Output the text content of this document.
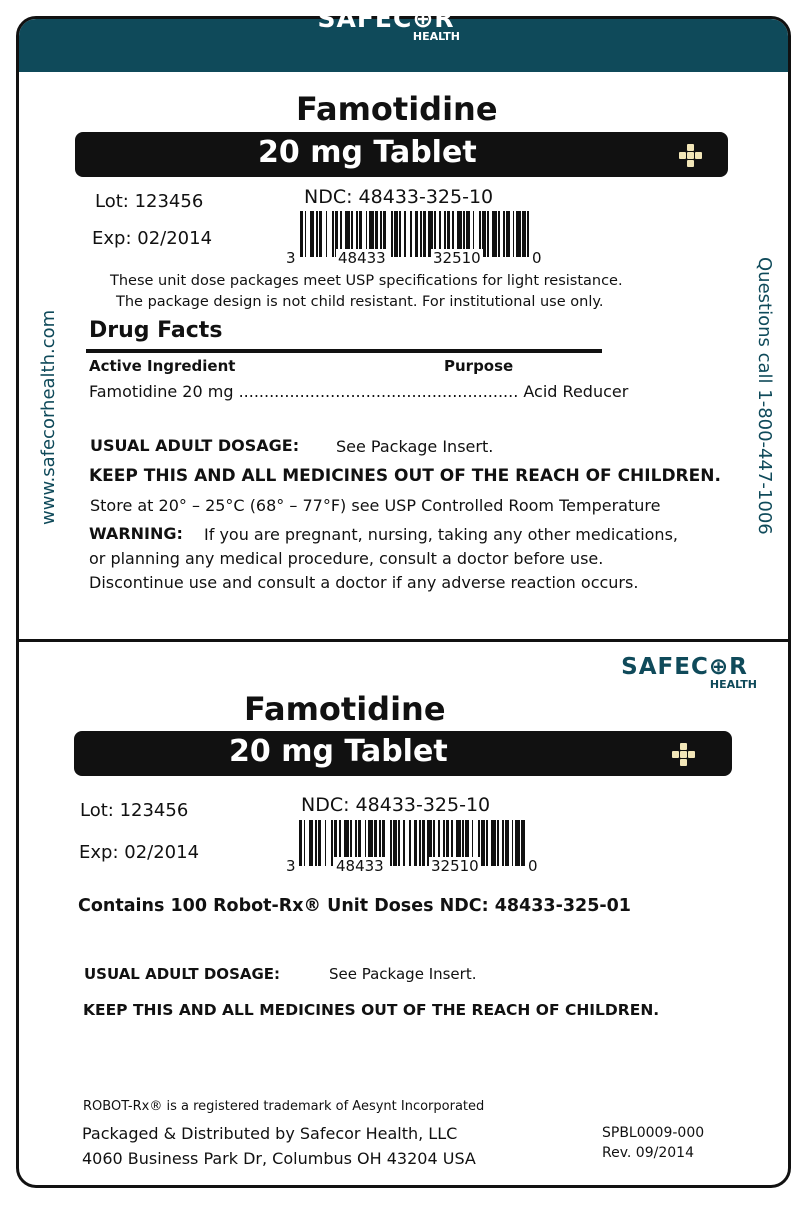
SAFEC⊕R
HEALTH
Famotidine
20 mg Tablet
Lot: 123456
Exp: 02/2014
NDC: 48433-325-10
3	48433	32510	0
These unit dose packages meet USP specifications for light resistance.
The package design is not child resistant. For institutional use only.
www.safecorhealth.com	Questions call 1-800-447-1006
Drug Facts
Active Ingredient	Purpose
Famotidine 20 mg ....................................................... Acid Reducer
USUAL ADULT DOSAGE: See Package Insert.
KEEP THIS AND ALL MEDICINES OUT OF THE REACH OF CHILDREN.
Store at 20° – 25°C (68° – 77°F) see USP Controlled Room Temperature
WARNING: If you are pregnant, nursing, taking any other medications,
or planning any medical procedure, consult a doctor before use.
Discontinue use and consult a doctor if any adverse reaction occurs.
SAFEC⊕R
HEALTH
Famotidine
20 mg Tablet
Lot: 123456
Exp: 02/2014
NDC: 48433-325-10
3	48433	32510	0
Contains 100 Robot-Rx® Unit Doses NDC: 48433-325-01
USUAL ADULT DOSAGE:	See Package Insert.
KEEP THIS AND ALL MEDICINES OUT OF THE REACH OF CHILDREN.
ROBOT-Rx® is a registered trademark of Aesynt Incorporated
Packaged & Distributed by Safecor Health, LLC
4060 Business Park Dr, Columbus OH 43204 USA
SPBL0009-000
Rev. 09/2014
